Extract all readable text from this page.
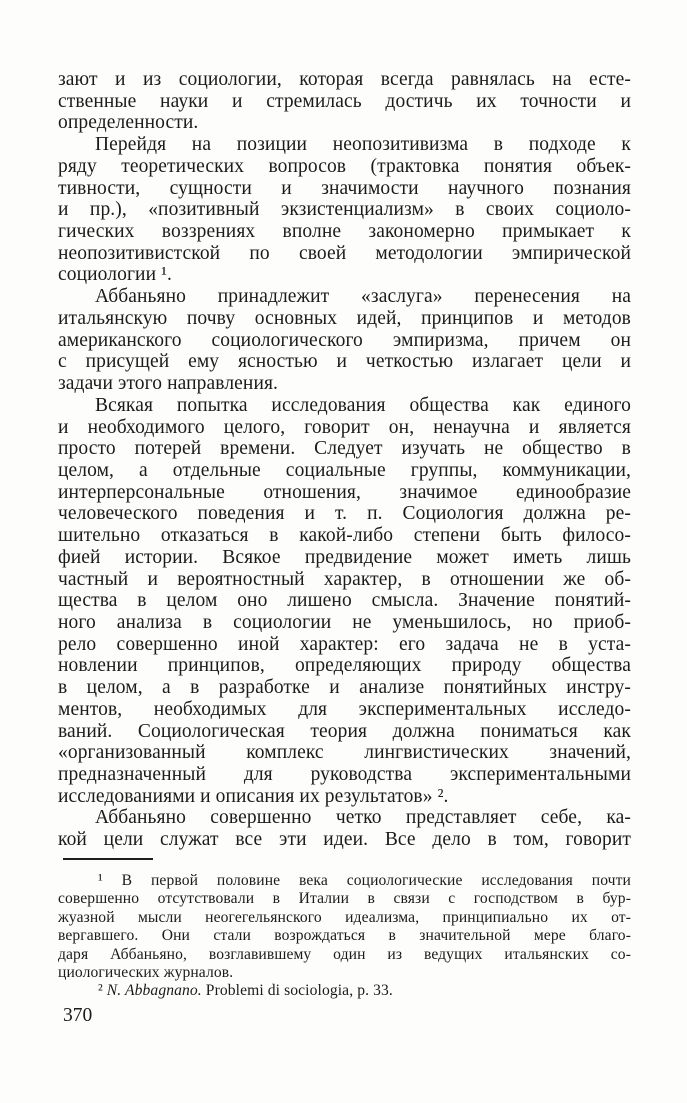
зают и из социологии, которая всегда равнялась на есте-
ственные науки и стремилась достичь их точности и
определенности.
Перейдя на позиции неопозитивизма в подходе к
ряду теоретических вопросов (трактовка понятия объек-
тивности, сущности и значимости научного познания
и пр.), «позитивный экзистенциализм» в своих социоло-
гических воззрениях вполне закономерно примыкает к
неопозитивистской по своей методологии эмпирической
социологии ¹.
Аббаньяно принадлежит «заслуга» перенесения на
итальянскую почву основных идей, принципов и методов
американского социологического эмпиризма, причем он
с присущей ему ясностью и четкостью излагает цели и
задачи этого направления.
Всякая попытка исследования общества как единого
и необходимого целого, говорит он, ненаучна и является
просто потерей времени. Следует изучать не общество в
целом, а отдельные социальные группы, коммуникации,
интерперсональные отношения, значимое единообразие
человеческого поведения и т. п. Социология должна ре-
шительно отказаться в какой-либо степени быть филосо-
фией истории. Всякое предвидение может иметь лишь
частный и вероятностный характер, в отношении же об-
щества в целом оно лишено смысла. Значение понятий-
ного анализа в социологии не уменьшилось, но приоб-
рело совершенно иной характер: его задача не в уста-
новлении принципов, определяющих природу общества
в целом, а в разработке и анализе понятийных инстру-
ментов, необходимых для экспериментальных исследо-
ваний. Социологическая теория должна пониматься как
«организованный комплекс лингвистических значений,
предназначенный для руководства экспериментальными
исследованиями и описания их результатов» ².
Аббаньяно совершенно четко представляет себе, ка-
кой цели служат все эти идеи. Все дело в том, говорит
¹ В первой половине века социологические исследования почти
совершенно отсутствовали в Италии в связи с господством в бур-
жуазной мысли неогегельянского идеализма, принципиально их от-
вергавшего. Они стали возрождаться в значительной мере благо-
даря Аббаньяно, возглавившему один из ведущих итальянских со-
циологических журналов.
² N. Abbagnano. Problemi di sociologia, p. 33.
370
